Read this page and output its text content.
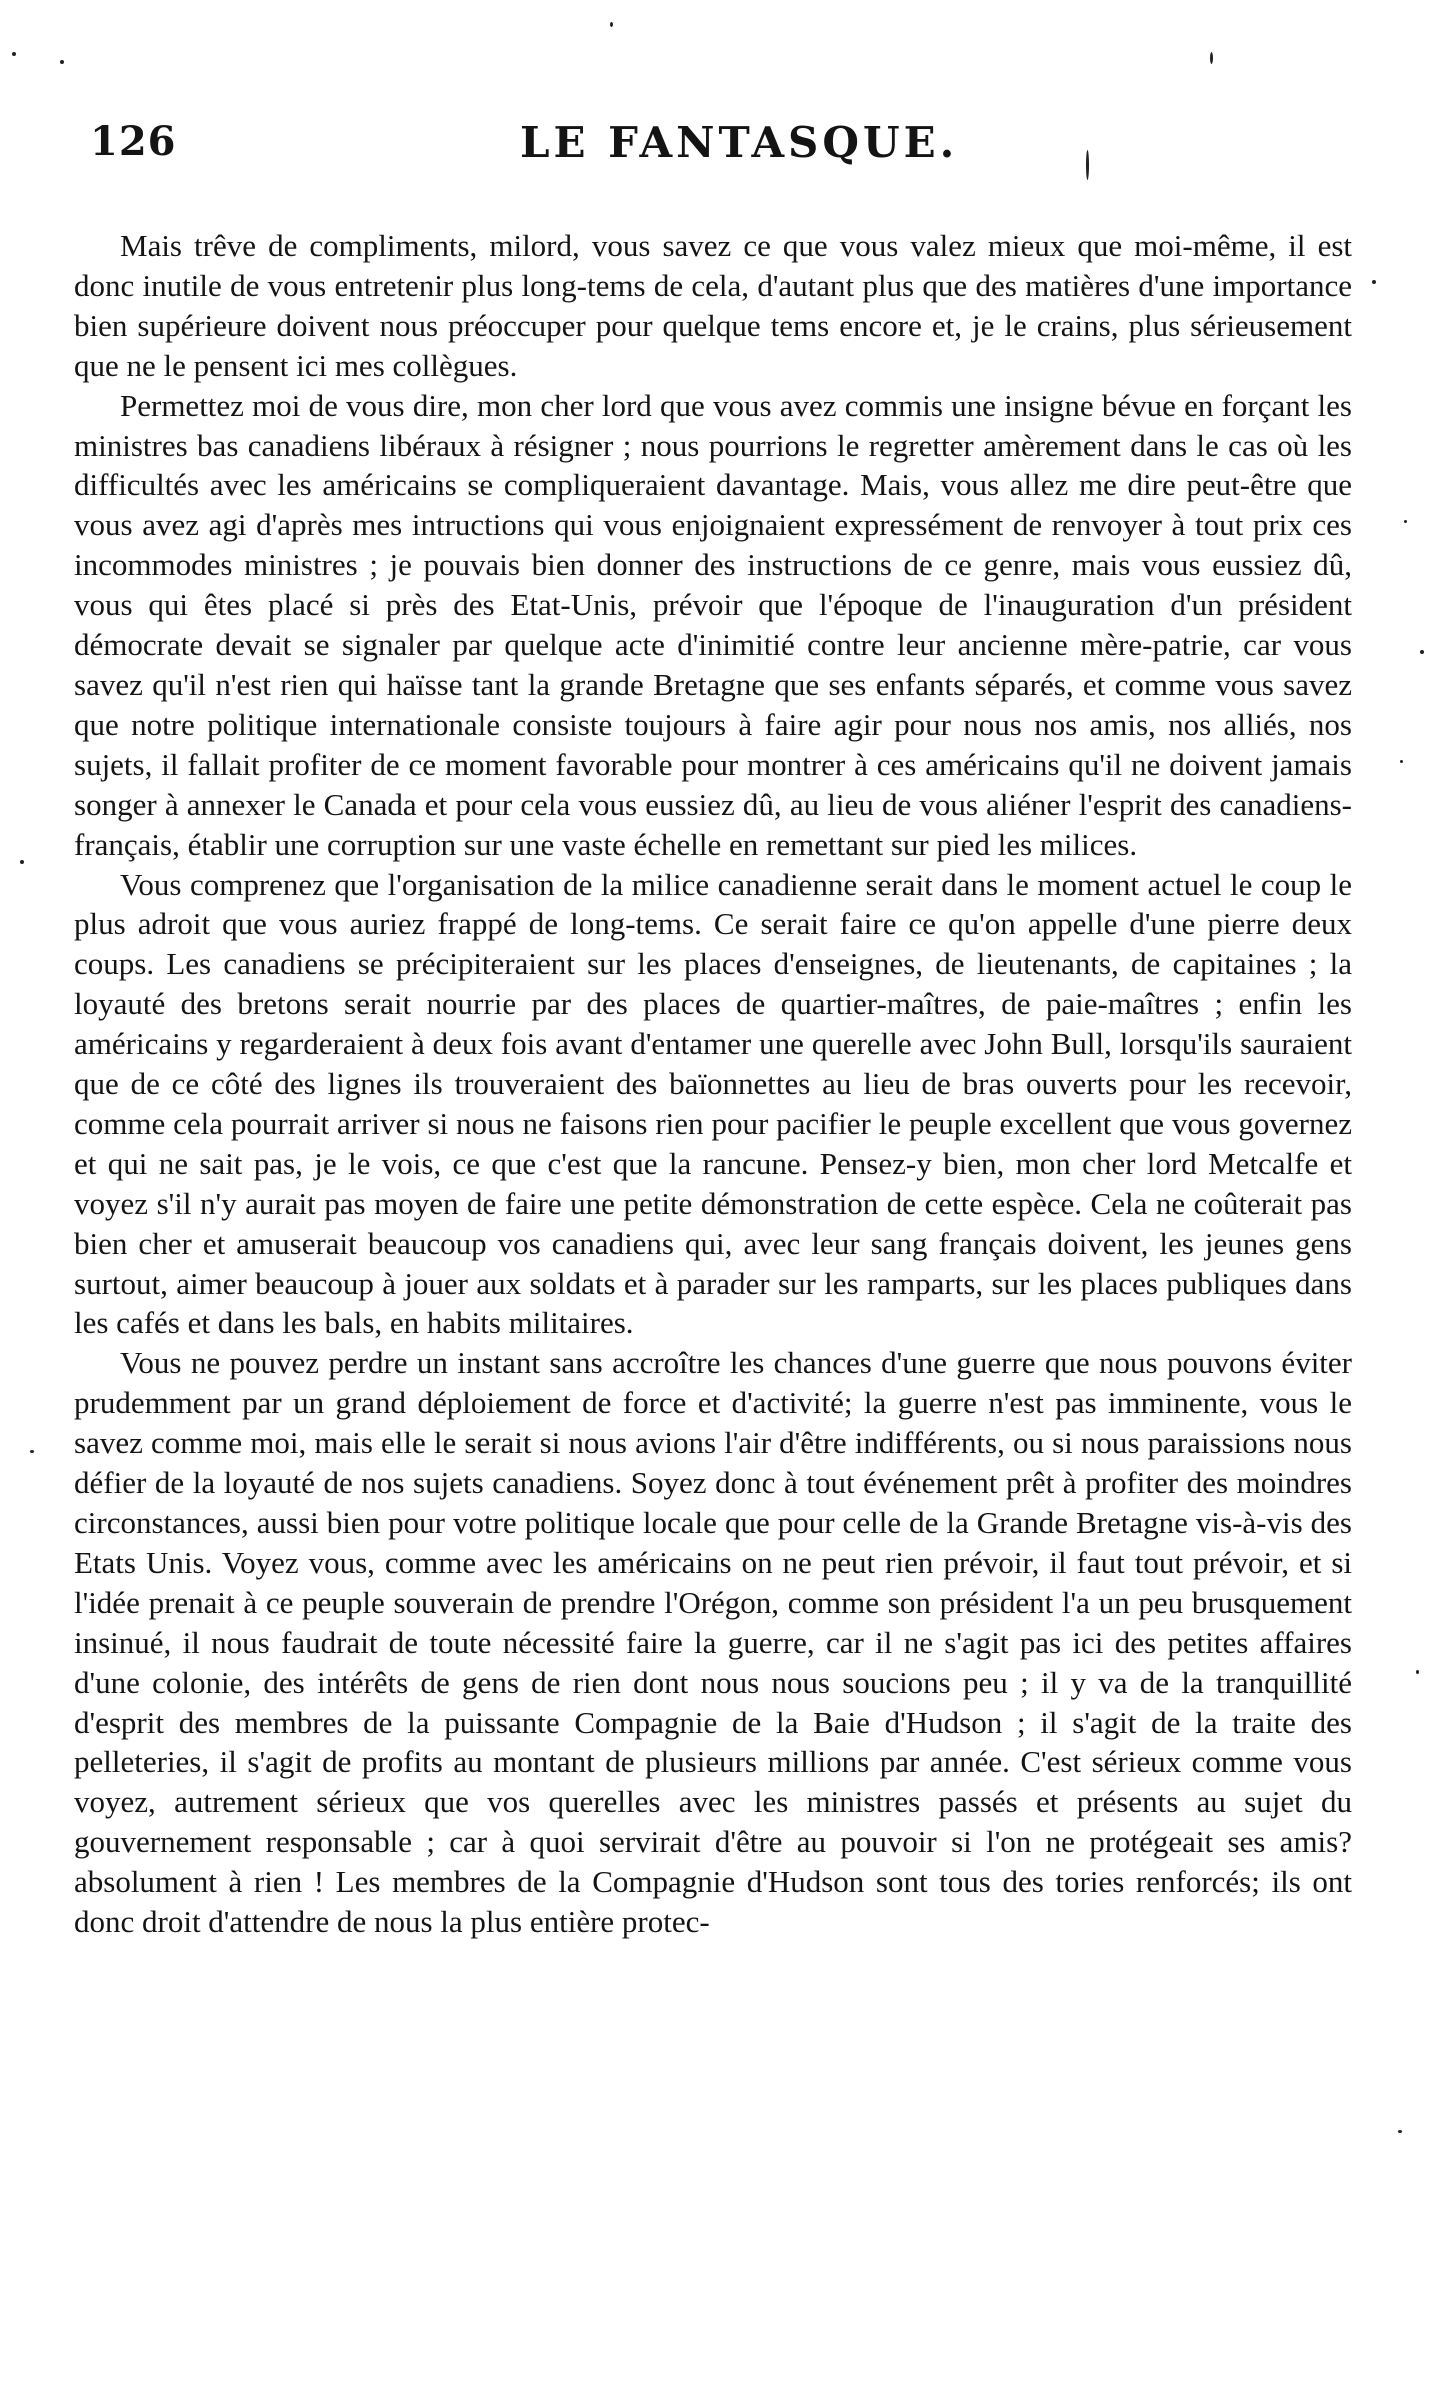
126	LE FANTASQUE.

Mais trêve de compliments, milord, vous savez ce que vous valez mieux que moi-même, il est donc inutile de vous entretenir plus long-tems de cela, d'autant plus que des matières d'une importance bien supérieure doivent nous préoccuper pour quelque tems encore et, je le crains, plus sérieusement que ne le pensent ici mes collègues.

Permettez moi de vous dire, mon cher lord que vous avez commis une insigne bévue en forçant les ministres bas canadiens libéraux à résigner ; nous pourrions le regretter amèrement dans le cas où les difficultés avec les américains se compliqueraient davantage. Mais, vous allez me dire peut-être que vous avez agi d'après mes intructions qui vous enjoignaient expressément de renvoyer à tout prix ces incommodes ministres ; je pouvais bien donner des instructions de ce genre, mais vous eussiez dû, vous qui êtes placé si près des Etat-Unis, prévoir que l'époque de l'inauguration d'un président démocrate devait se signaler par quelque acte d'inimitié contre leur ancienne mère-patrie, car vous savez qu'il n'est rien qui haïsse tant la grande Bretagne que ses enfants séparés, et comme vous savez que notre politique internationale consiste toujours à faire agir pour nous nos amis, nos alliés, nos sujets, il fallait profiter de ce moment favorable pour montrer à ces américains qu'il ne doivent jamais songer à annexer le Canada et pour cela vous eussiez dû, au lieu de vous aliéner l'esprit des canadiens-français, établir une corruption sur une vaste échelle en remettant sur pied les milices.

Vous comprenez que l'organisation de la milice canadienne serait dans le moment actuel le coup le plus adroit que vous auriez frappé de long-tems. Ce serait faire ce qu'on appelle d'une pierre deux coups. Les canadiens se précipiteraient sur les places d'enseignes, de lieutenants, de capitaines ; la loyauté des bretons serait nourrie par des places de quartier-maîtres, de paie-maîtres ; enfin les américains y regarderaient à deux fois avant d'entamer une querelle avec John Bull, lorsqu'ils sauraient que de ce côté des lignes ils trouveraient des baïonnettes au lieu de bras ouverts pour les recevoir, comme cela pourrait arriver si nous ne faisons rien pour pacifier le peuple excellent que vous governez et qui ne sait pas, je le vois, ce que c'est que la rancune. Pensez-y bien, mon cher lord Metcalfe et voyez s'il n'y aurait pas moyen de faire une petite démonstration de cette espèce. Cela ne coûterait pas bien cher et amuserait beaucoup vos canadiens qui, avec leur sang français doivent, les jeunes gens surtout, aimer beaucoup à jouer aux soldats et à parader sur les ramparts, sur les places publiques dans les cafés et dans les bals, en habits militaires.

Vous ne pouvez perdre un instant sans accroître les chances d'une guerre que nous pouvons éviter prudemment par un grand déploiement de force et d'activité; la guerre n'est pas imminente, vous le savez comme moi, mais elle le serait si nous avions l'air d'être indifférents, ou si nous paraissions nous défier de la loyauté de nos sujets canadiens. Soyez donc à tout événement prêt à profiter des moindres circonstances, aussi bien pour votre politique locale que pour celle de la Grande Bretagne vis-à-vis des Etats Unis. Voyez vous, comme avec les américains on ne peut rien prévoir, il faut tout prévoir, et si l'idée prenait à ce peuple souverain de prendre l'Orégon, comme son président l'a un peu brusquement insinué, il nous faudrait de toute nécessité faire la guerre, car il ne s'agit pas ici des petites affaires d'une colonie, des intérêts de gens de rien dont nous nous soucions peu ; il y va de la tranquillité d'esprit des membres de la puissante Compagnie de la Baie d'Hudson ; il s'agit de la traite des pelleteries, il s'agit de profits au montant de plusieurs millions par année. C'est sérieux comme vous voyez, autrement sérieux que vos querelles avec les ministres passés et présents au sujet du gouvernement responsable ; car à quoi servirait d'être au pouvoir si l'on ne protégeait ses amis? absolument à rien ! Les membres de la Compagnie d'Hudson sont tous des tories renforcés; ils ont donc droit d'attendre de nous la plus entière protec-
